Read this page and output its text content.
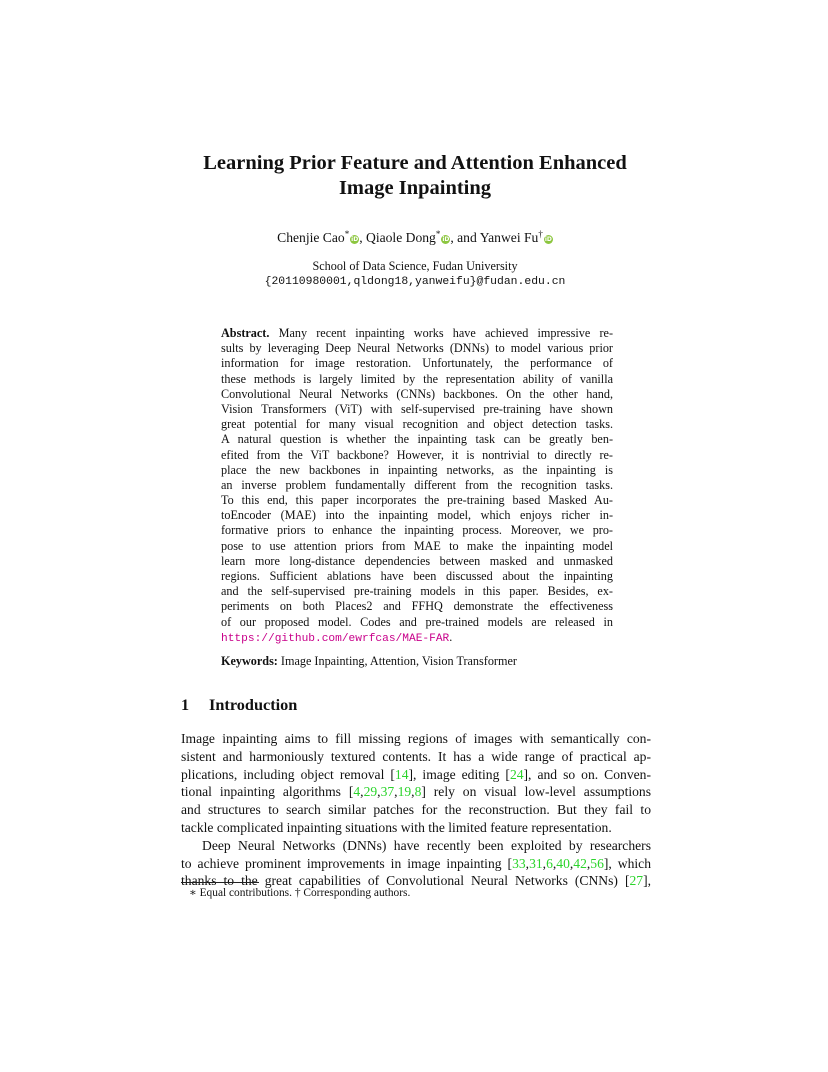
Learning Prior Feature and Attention Enhanced
Image Inpainting
Chenjie Cao*iD, Qiaole Dong*iD, and Yanwei Fu†iD
School of Data Science, Fudan University
{20110980001,qldong18,yanweifu}@fudan.edu.cn
Abstract. Many recent inpainting works have achieved impressive re-
sults by leveraging Deep Neural Networks (DNNs) to model various prior
information for image restoration. Unfortunately, the performance of
these methods is largely limited by the representation ability of vanilla
Convolutional Neural Networks (CNNs) backbones. On the other hand,
Vision Transformers (ViT) with self-supervised pre-training have shown
great potential for many visual recognition and object detection tasks.
A natural question is whether the inpainting task can be greatly ben-
efited from the ViT backbone? However, it is nontrivial to directly re-
place the new backbones in inpainting networks, as the inpainting is
an inverse problem fundamentally different from the recognition tasks.
To this end, this paper incorporates the pre-training based Masked Au-
toEncoder (MAE) into the inpainting model, which enjoys richer in-
formative priors to enhance the inpainting process. Moreover, we pro-
pose to use attention priors from MAE to make the inpainting model
learn more long-distance dependencies between masked and unmasked
regions. Sufficient ablations have been discussed about the inpainting
and the self-supervised pre-training models in this paper. Besides, ex-
periments on both Places2 and FFHQ demonstrate the effectiveness
of our proposed model. Codes and pre-trained models are released in
https://github.com/ewrfcas/MAE-FAR.
Keywords: Image Inpainting, Attention, Vision Transformer
1 Introduction
Image inpainting aims to fill missing regions of images with semantically con-
sistent and harmoniously textured contents. It has a wide range of practical ap-
plications, including object removal [14], image editing [24], and so on. Conven-
tional inpainting algorithms [4,29,37,19,8] rely on visual low-level assumptions
and structures to search similar patches for the reconstruction. But they fail to
tackle complicated inpainting situations with the limited feature representation.
Deep Neural Networks (DNNs) have recently been exploited by researchers
to achieve prominent improvements in image inpainting [33,31,6,40,42,56], which
thanks to the great capabilities of Convolutional Neural Networks (CNNs) [27],
∗ Equal contributions. † Corresponding authors.
